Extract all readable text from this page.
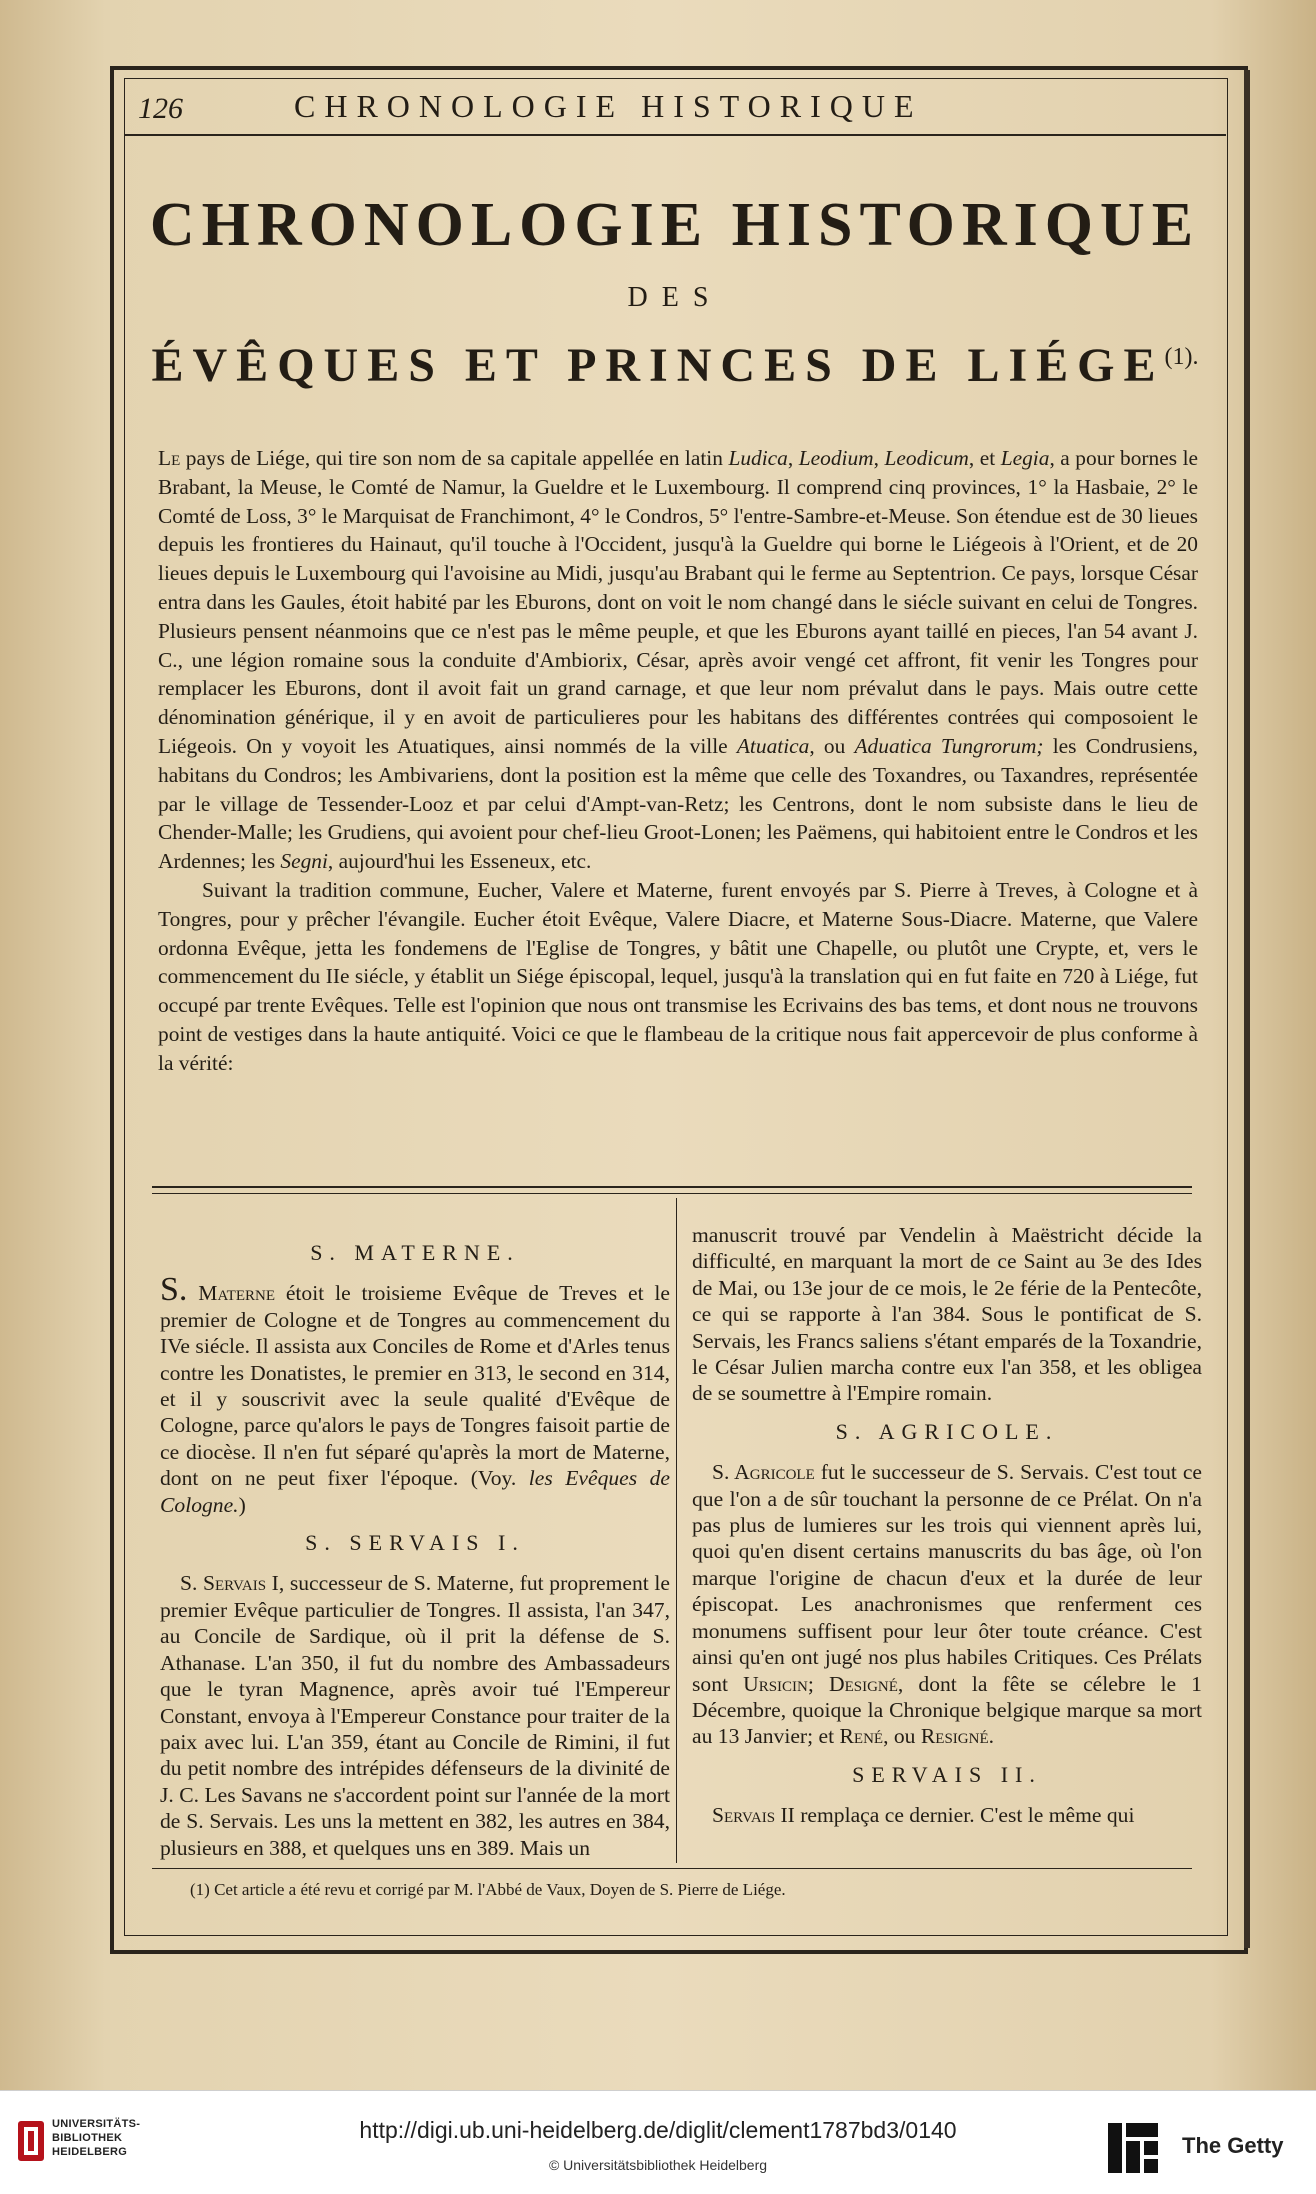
126	CHRONOLOGIE HISTORIQUE
CHRONOLOGIE HISTORIQUE
DES
ÉVÊQUES ET PRINCES DE LIÉGE$^{(1).}$

Le pays de Liége, qui tire son nom de sa capitale appellée en latin Ludica, Leodium, Leodicum, et Legia, a pour bornes le Brabant, la Meuse, le Comté de Namur, la Gueldre et le Luxembourg. Il comprend cinq provinces, 1° la Hasbaie, 2° le Comté de Loss, 3° le Marquisat de Franchimont, 4° le Condros, 5° l'entre-Sambre-et-Meuse. Son étendue est de 30 lieues depuis les frontieres du Hainaut, qu'il touche à l'Occident, jusqu'à la Gueldre qui borne le Liégeois à l'Orient, et de 20 lieues depuis le Luxembourg qui l'avoisine au Midi, jusqu'au Brabant qui le ferme au Septentrion. Ce pays, lorsque César entra dans les Gaules, étoit habité par les Eburons, dont on voit le nom changé dans le siécle suivant en celui de Tongres. Plusieurs pensent néanmoins que ce n'est pas le même peuple, et que les Eburons ayant taillé en pieces, l'an 54 avant J. C., une légion romaine sous la conduite d'Ambiorix, César, après avoir vengé cet affront, fit venir les Tongres pour remplacer les Eburons, dont il avoit fait un grand carnage, et que leur nom prévalut dans le pays. Mais outre cette dénomination générique, il y en avoit de particulieres pour les habitans des différentes contrées qui composoient le Liégeois. On y voyoit les Atuatiques, ainsi nommés de la ville Atuatica, ou Aduatica Tungrorum; les Condrusiens, habitans du Condros; les Ambivariens, dont la position est la même que celle des Toxandres, ou Taxandres, représentée par le village de Tessender-Looz et par celui d'Ampt-van-Retz; les Centrons, dont le nom subsiste dans le lieu de Chender-Malle; les Grudiens, qui avoient pour chef-lieu Groot-Lonen; les Paëmens, qui habitoient entre le Condros et les Ardennes; les Segni, aujourd'hui les Esseneux, etc.

Suivant la tradition commune, Eucher, Valere et Materne, furent envoyés par S. Pierre à Treves, à Cologne et à Tongres, pour y prêcher l'évangile. Eucher étoit Evêque, Valere Diacre, et Materne Sous-Diacre. Materne, que Valere ordonna Evêque, jetta les fondemens de l'Eglise de Tongres, y bâtit une Chapelle, ou plutôt une Crypte, et, vers le commencement du IIe siécle, y établit un Siége épiscopal, lequel, jusqu'à la translation qui en fut faite en 720 à Liége, fut occupé par trente Evêques. Telle est l'opinion que nous ont transmise les Ecrivains des bas tems, et dont nous ne trouvons point de vestiges dans la haute antiquité. Voici ce que le flambeau de la critique nous fait appercevoir de plus conforme à la vérité:

S. MATERNE.

S. Materne étoit le troisieme Evêque de Treves et le premier de Cologne et de Tongres au commencement du IVe siécle. Il assista aux Conciles de Rome et d'Arles tenus contre les Donatistes, le premier en 313, le second en 314, et il y souscrivit avec la seule qualité d'Evêque de Cologne, parce qu'alors le pays de Tongres faisoit partie de ce diocèse. Il n'en fut séparé qu'après la mort de Materne, dont on ne peut fixer l'époque. (Voy. les Evêques de Cologne.)

S. SERVAIS I.

S. Servais I, successeur de S. Materne, fut proprement le premier Evêque particulier de Tongres. Il assista, l'an 347, au Concile de Sardique, où il prit la défense de S. Athanase. L'an 350, il fut du nombre des Ambassadeurs que le tyran Magnence, après avoir tué l'Empereur Constant, envoya à l'Empereur Constance pour traiter de la paix avec lui. L'an 359, étant au Concile de Rimini, il fut du petit nombre des intrépides défenseurs de la divinité de J. C. Les Savans ne s'accordent point sur l'année de la mort de S. Servais. Les uns la mettent en 382, les autres en 384, plusieurs en 388, et quelques uns en 389. Mais un

manuscrit trouvé par Vendelin à Maëstricht décide la difficulté, en marquant la mort de ce Saint au 3e des Ides de Mai, ou 13e jour de ce mois, le 2e férie de la Pentecôte, ce qui se rapporte à l'an 384. Sous le pontificat de S. Servais, les Francs saliens s'étant emparés de la Toxandrie, le César Julien marcha contre eux l'an 358, et les obligea de se soumettre à l'Empire romain.

S. AGRICOLE.

S. Agricole fut le successeur de S. Servais. C'est tout ce que l'on a de sûr touchant la personne de ce Prélat. On n'a pas plus de lumieres sur les trois qui viennent après lui, quoi qu'en disent certains manuscrits du bas âge, où l'on marque l'origine de chacun d'eux et la durée de leur épiscopat. Les anachronismes que renferment ces monumens suffisent pour leur ôter toute créance. C'est ainsi qu'en ont jugé nos plus habiles Critiques. Ces Prélats sont Ursicin; Designé, dont la fête se célebre le 1 Décembre, quoique la Chronique belgique marque sa mort au 13 Janvier; et René, ou Resigné.

SERVAIS II.

Servais II remplaça ce dernier. C'est le même qui

(1) Cet article a été revu et corrigé par M. l'Abbé de Vaux, Doyen de S. Pierre de Liége.
UNIVERSITÄTS-
BIBLIOTHEK
HEIDELBERG
http://digi.ub.uni-heidelberg.de/diglit/clement1787bd3/0140
© Universitätsbibliothek Heidelberg
The Getty
